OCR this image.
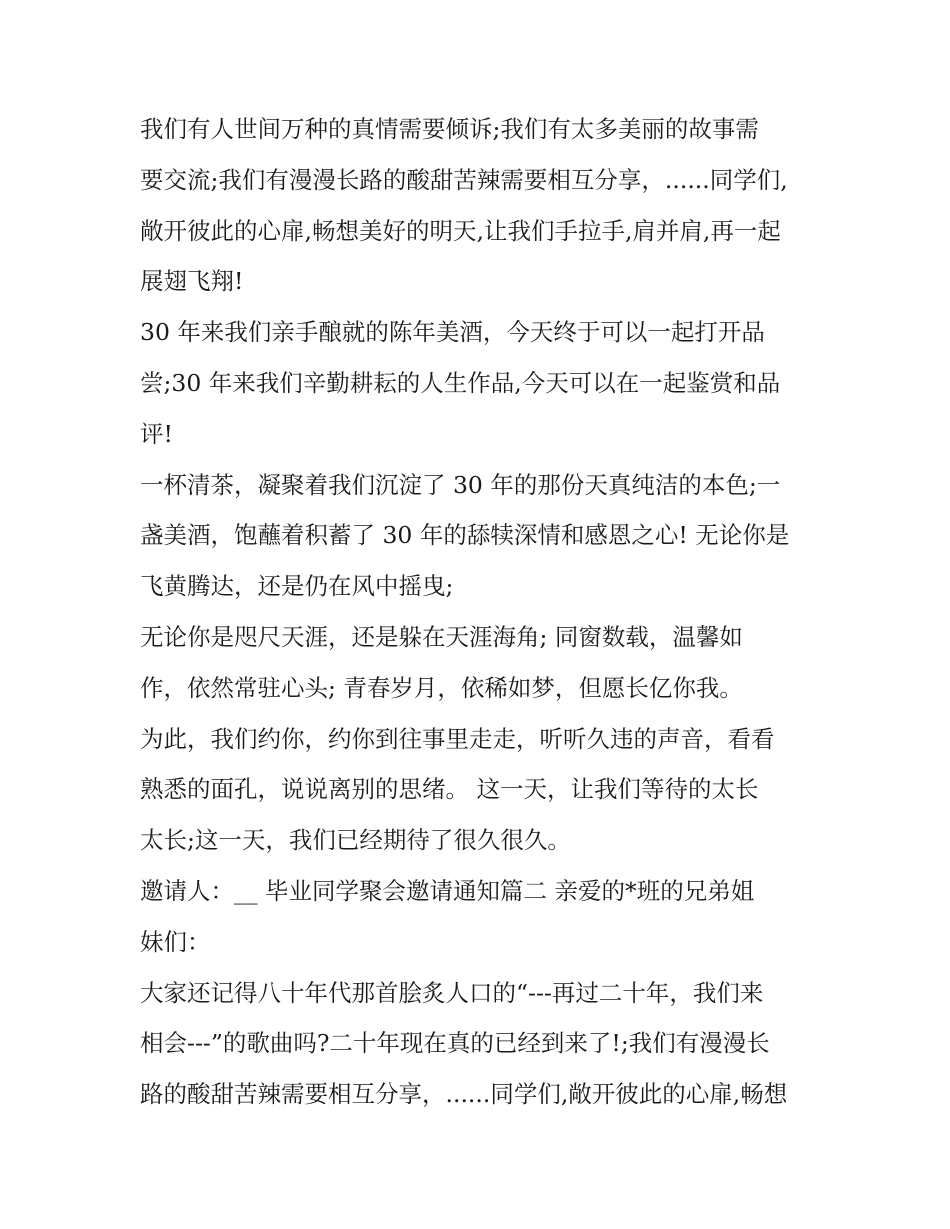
我们有人世间万种的真情需要倾诉;我们有太多美丽的故事需
要交流;我们有漫漫长路的酸甜苦辣需要相互分享，......同学们,
敞开彼此的心扉,畅想美好的明天,让我们手拉手,肩并肩,再一起
展翅飞翔!
30 年来我们亲手酿就的陈年美酒，今天终于可以一起打开品
尝;30 年来我们辛勤耕耘的人生作品,今天可以在一起鉴赏和品
评!
一杯清茶，凝聚着我们沉淀了 30 年的那份天真纯洁的本色;一
盏美酒，饱蘸着积蓄了 30 年的舔犊深情和感恩之心! 无论你是
飞黄腾达，还是仍在风中摇曳;
无论你是咫尺天涯，还是躲在天涯海角; 同窗数载，温馨如
作，依然常驻心头; 青春岁月，依稀如梦，但愿长亿你我。
为此，我们约你，约你到往事里走走，听听久违的声音，看看
熟悉的面孔，说说离别的思绪。 这一天，让我们等待的太长
太长;这一天，我们已经期待了很久很久。
邀请人：__ 毕业同学聚会邀请通知篇二 亲爱的*班的兄弟姐
妹们：
大家还记得八十年代那首脍炙人口的“---再过二十年，我们来
相会---”的歌曲吗?二十年现在真的已经到来了!;我们有漫漫长
路的酸甜苦辣需要相互分享，......同学们,敞开彼此的心扉,畅想
